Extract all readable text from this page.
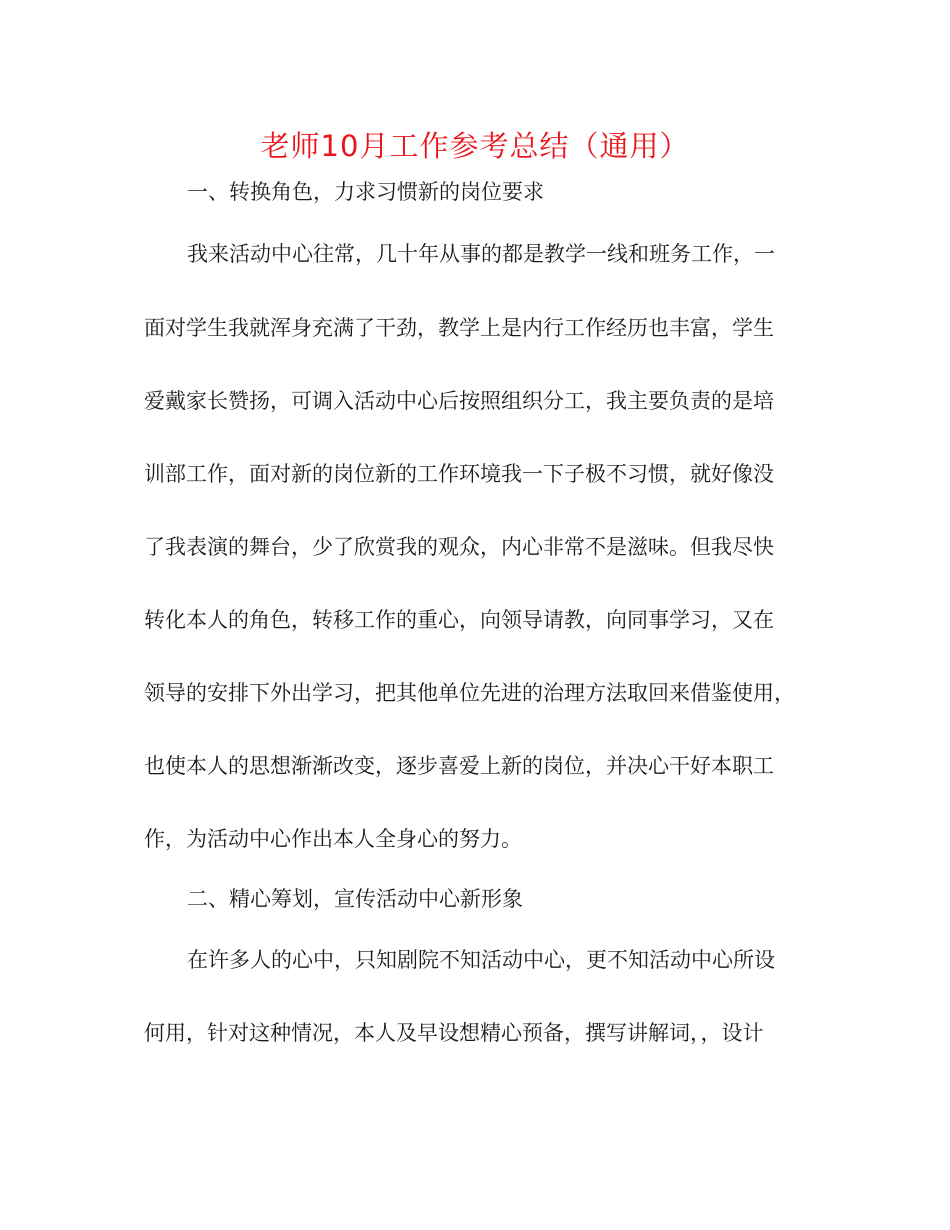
老师10月工作参考总结（通用）
一、转换角色，力求习惯新的岗位要求
我来活动中心往常，几十年从事的都是教学一线和班务工作，一
面对学生我就浑身充满了干劲，教学上是内行工作经历也丰富，学生
爱戴家长赞扬，可调入活动中心后按照组织分工，我主要负责的是培
训部工作，面对新的岗位新的工作环境我一下子极不习惯，就好像没
了我表演的舞台，少了欣赏我的观众，内心非常不是滋味。但我尽快
转化本人的角色，转移工作的重心，向领导请教，向同事学习，又在
领导的安排下外出学习，把其他单位先进的治理方法取回来借鉴使用，
也使本人的思想渐渐改变，逐步喜爱上新的岗位，并决心干好本职工
作，为活动中心作出本人全身心的努力。
二、精心筹划，宣传活动中心新形象
在许多人的心中，只知剧院不知活动中心，更不知活动中心所设
何用，针对这种情况，本人及早设想精心预备，撰写讲解词，，设计
